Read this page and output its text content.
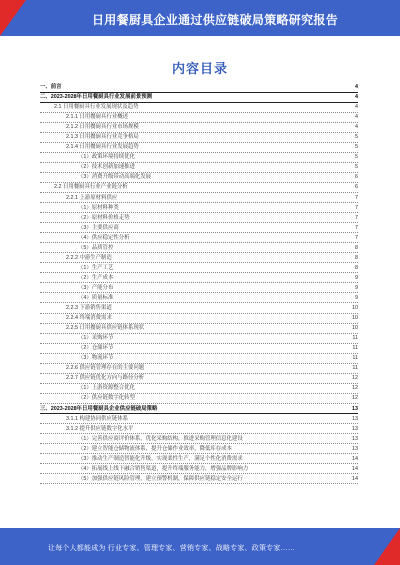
日用餐厨具企业通过供应链破局策略研究报告
内容目录
一、前言	4
二、2023-2028年日用餐厨具行业发展前景预测	4
2.1 日用餐厨具行业发展现状及趋势	4
2.1.1 日用餐厨具行业概述	4
2.1.2 日用餐厨具行业市场规模	4
2.1.3 日用餐厨具行业竞争格局	5
2.1.4 日用餐厨具行业发展趋势	5
（1）政策环境持续优化	5
（2）技术创新加速推进	5
（3）消费升级带动高端化发展	6
2.2 日用餐厨具行业产业链分析	6
2.2.1 上游原材料供应	7
（1）原材料种类	7
（2）原材料价格走势	7
（3）主要供应商	7
（4）供应稳定性分析	7
（5）品质管控	8
2.2.2 中游生产制造	8
（1）生产工艺	8
（2）生产成本	9
（3）产能分布	9
（4）质量标准	9
2.2.3 下游销售渠道	10
2.2.4 终端消费需求	10
2.2.5 日用餐厨具供应链体系现状	10
（1）采购环节	11
（2）仓储环节	11
（3）物流环节	11
2.2.6 供应链管理存在的主要问题	11
2.2.7 供应链优化方向与路径分析	12
（1）上游资源整合优化	12
（2）供应链数字化转型	12
三、2023-2028年日用餐厨具企业供应链破局策略	13
3.1.1 构建协同供应链体系	13
3.1.2 提升供应链数字化水平	13
（1）完善供应商评价体系，优化采购结构，推进采购管理信息化建设	13
（2）建立智能仓储物流体系，提升仓储作业效率，降低库存成本	13
（3）推动生产制造智能化升级，实现柔性生产，满足个性化消费需求	14
（4）拓展线上线下融合销售渠道，提升终端服务能力，增强品牌影响力	14
（5）加强供应链风险管理，建立预警机制，保障供应链稳定安全运行	14
让每个人都能成为 行业专家、管理专家、营销专家、战略专家、政策专家……
